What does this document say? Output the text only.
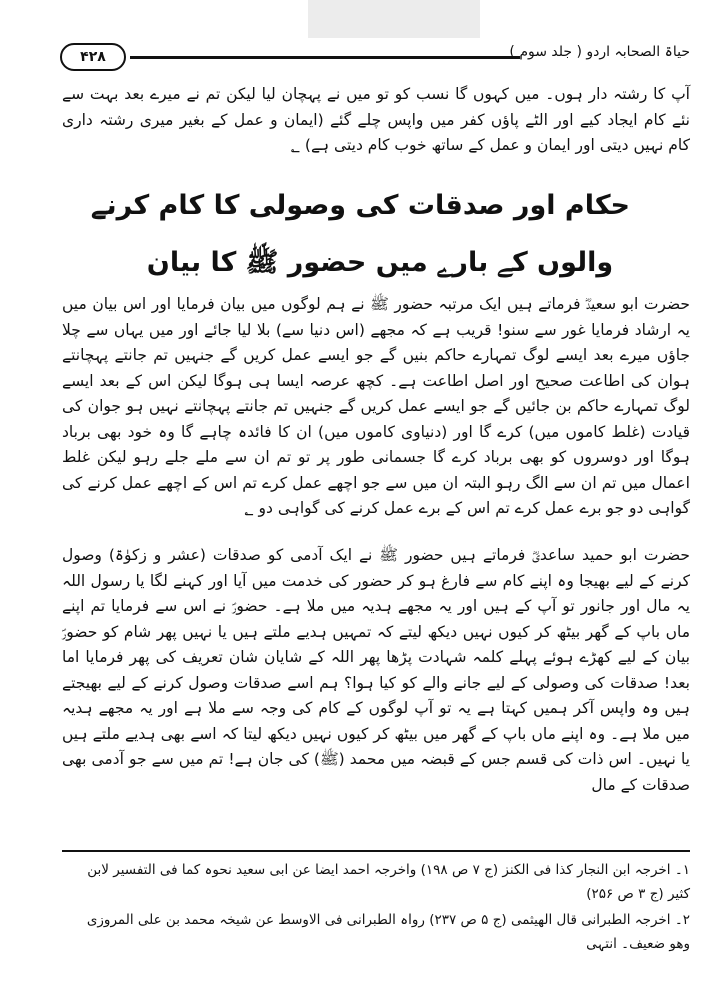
۴۲۸	حیاۃ الصحابہ اردو ( جلد سوم )

آپ کا رشتہ دار ہوں۔ میں کہوں گا نسب کو تو میں نے پہچان لیا لیکن تم نے میرے بعد بہت سے نئے کام ایجاد کیے اور الٹے پاؤں کفر میں واپس چلے گئے (ایمان و عمل کے بغیر میری رشتہ داری کام نہیں دیتی اور ایمان و عمل کے ساتھ خوب کام دیتی ہے) ؂

حکام اور صدقات کی وصولی کا کام کرنے
والوں کے بارے میں حضور ﷺ کا بیان

حضرت ابو سعیدؓ فرماتے ہیں ایک مرتبہ حضور ﷺ نے ہم لوگوں میں بیان فرمایا اور اس بیان میں یہ ارشاد فرمایا غور سے سنو! قریب ہے کہ مجھے (اس دنیا سے) بلا لیا جائے اور میں یہاں سے چلا جاؤں میرے بعد ایسے لوگ تمہارے حاکم بنیں گے جو ایسے عمل کریں گے جنہیں تم جانتے پہچانتے ہوان کی اطاعت صحیح اور اصل اطاعت ہے۔ کچھ عرصہ ایسا ہی ہوگا لیکن اس کے بعد ایسے لوگ تمہارے حاکم بن جائیں گے جو ایسے عمل کریں گے جنہیں تم جانتے پہچانتے نہیں ہو جوان کی قیادت (غلط کاموں میں) کرے گا اور (دنیاوی کاموں میں) ان کا فائدہ چاہے گا وہ خود بھی برباد ہوگا اور دوسروں کو بھی برباد کرے گا جسمانی طور پر تو تم ان سے ملے جلے رہو لیکن غلط اعمال میں تم ان سے الگ رہو البتہ ان میں سے جو اچھے عمل کرے تم اس کے اچھے عمل کرنے کی گواہی دو جو برے عمل کرے تم اس کے برے عمل کرنے کی گواہی دو ؂

حضرت ابو حمید ساعدیؓ فرماتے ہیں حضور ﷺ نے ایک آدمی کو صدقات (عشر و زکوٰۃ) وصول کرنے کے لیے بھیجا وہ اپنے کام سے فارغ ہو کر حضور کی خدمت میں آیا اور کہنے لگا یا رسول اللہ یہ مال اور جانور تو آپ کے ہیں اور یہ مجھے ہدیہ میں ملا ہے۔ حضورؐ نے اس سے فرمایا تم اپنے ماں باپ کے گھر بیٹھ کر کیوں نہیں دیکھ لیتے کہ تمہیں ہدیے ملتے ہیں یا نہیں پھر شام کو حضورؐ بیان کے لیے کھڑے ہوئے پہلے کلمہ شہادت پڑھا پھر اللہ کے شایان شان تعریف کی پھر فرمایا اما بعد! صدقات کی وصولی کے لیے جانے والے کو کیا ہوا؟ ہم اسے صدقات وصول کرنے کے لیے بھیجتے ہیں وہ واپس آکر ہمیں کہتا ہے یہ تو آپ لوگوں کے کام کی وجہ سے ملا ہے اور یہ مجھے ہدیہ میں ملا ہے۔ وہ اپنے ماں باپ کے گھر میں بیٹھ کر کیوں نہیں دیکھ لیتا کہ اسے بھی ہدیے ملتے ہیں یا نہیں۔ اس ذات کی قسم جس کے قبضہ میں محمد (ﷺ) کی جان ہے! تم میں سے جو آدمی بھی صدقات کے مال

۱۔ اخرجہ ابن النجار کذا فی الکنز (ج ۷ ص ۱۹۸) واخرجہ احمد ایضا عن ابی سعید نحوہ کما فی التفسیر لابن کثیر (ج ۳ ص ۲۵۶)

۲۔ اخرجہ الطبرانی قال الھیثمی (ج ۵ ص ۲۳۷) رواہ الطبرانی فی الاوسط عن شیخہ محمد بن علی المروزی وھو ضعیف۔ انتہی
